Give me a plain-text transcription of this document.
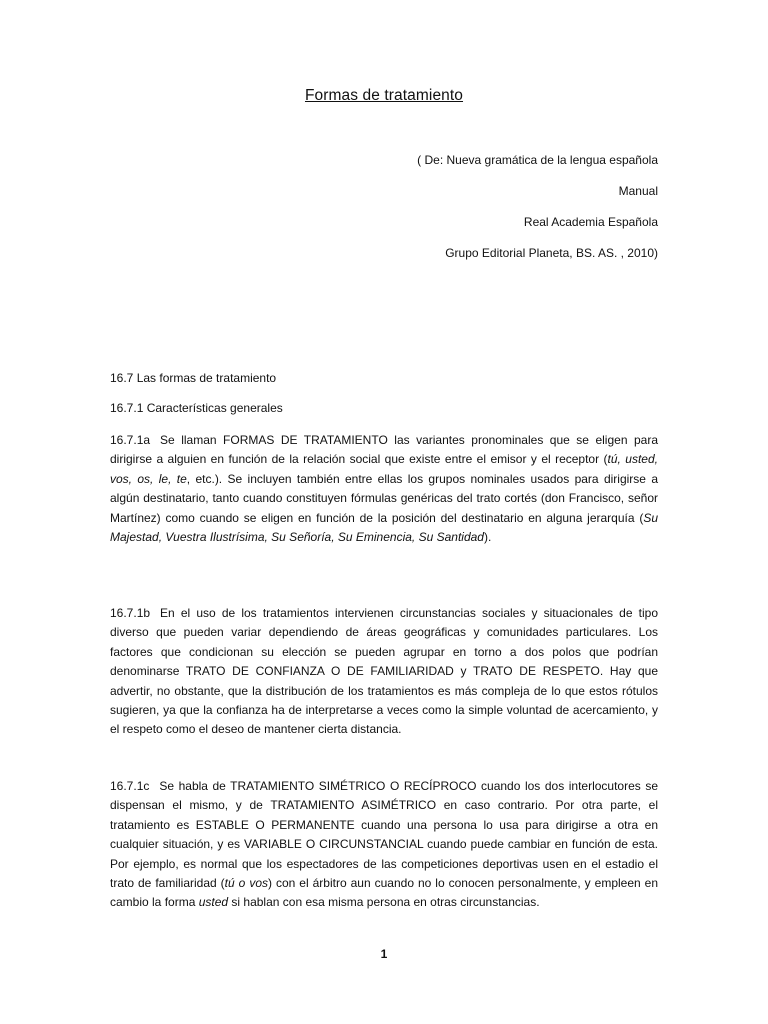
Formas de tratamiento
( De: Nueva gramática de la lengua española
Manual
Real Academia Española
Grupo Editorial Planeta, BS. AS. , 2010)
16.7 Las formas de tratamiento
16.7.1 Características generales
16.7.1a Se llaman FORMAS DE TRATAMIENTO las variantes pronominales que se eligen para dirigirse a alguien en función de la relación social que existe entre el emisor y el receptor (tú, usted, vos, os, le, te, etc.). Se incluyen también entre ellas los grupos nominales usados para dirigirse a algún destinatario, tanto cuando constituyen fórmulas genéricas del trato cortés (don Francisco, señor Martínez) como cuando se eligen en función de la posición del destinatario en alguna jerarquía (Su Majestad, Vuestra Ilustrísima, Su Señoría, Su Eminencia, Su Santidad).
16.7.1b En el uso de los tratamientos intervienen circunstancias sociales y situacionales de tipo diverso que pueden variar dependiendo de áreas geográficas y comunidades particulares. Los factores que condicionan su elección se pueden agrupar en torno a dos polos que podrían denominarse TRATO DE CONFIANZA O DE FAMILIARIDAD y TRATO DE RESPETO. Hay que advertir, no obstante, que la distribución de los tratamientos es más compleja de lo que estos rótulos sugieren, ya que la confianza ha de interpretarse a veces como la simple voluntad de acercamiento, y el respeto como el deseo de mantener cierta distancia.
16.7.1c Se habla de TRATAMIENTO SIMÉTRICO O RECÍPROCO cuando los dos interlocutores se dispensan el mismo, y de TRATAMIENTO ASIMÉTRICO en caso contrario. Por otra parte, el tratamiento es ESTABLE O PERMANENTE cuando una persona lo usa para dirigirse a otra en cualquier situación, y es VARIABLE O CIRCUNSTANCIAL cuando puede cambiar en función de esta. Por ejemplo, es normal que los espectadores de las competiciones deportivas usen en el estadio el trato de familiaridad (tú o vos) con el árbitro aun cuando no lo conocen personalmente, y empleen en cambio la forma usted si hablan con esa misma persona en otras circunstancias.
1
